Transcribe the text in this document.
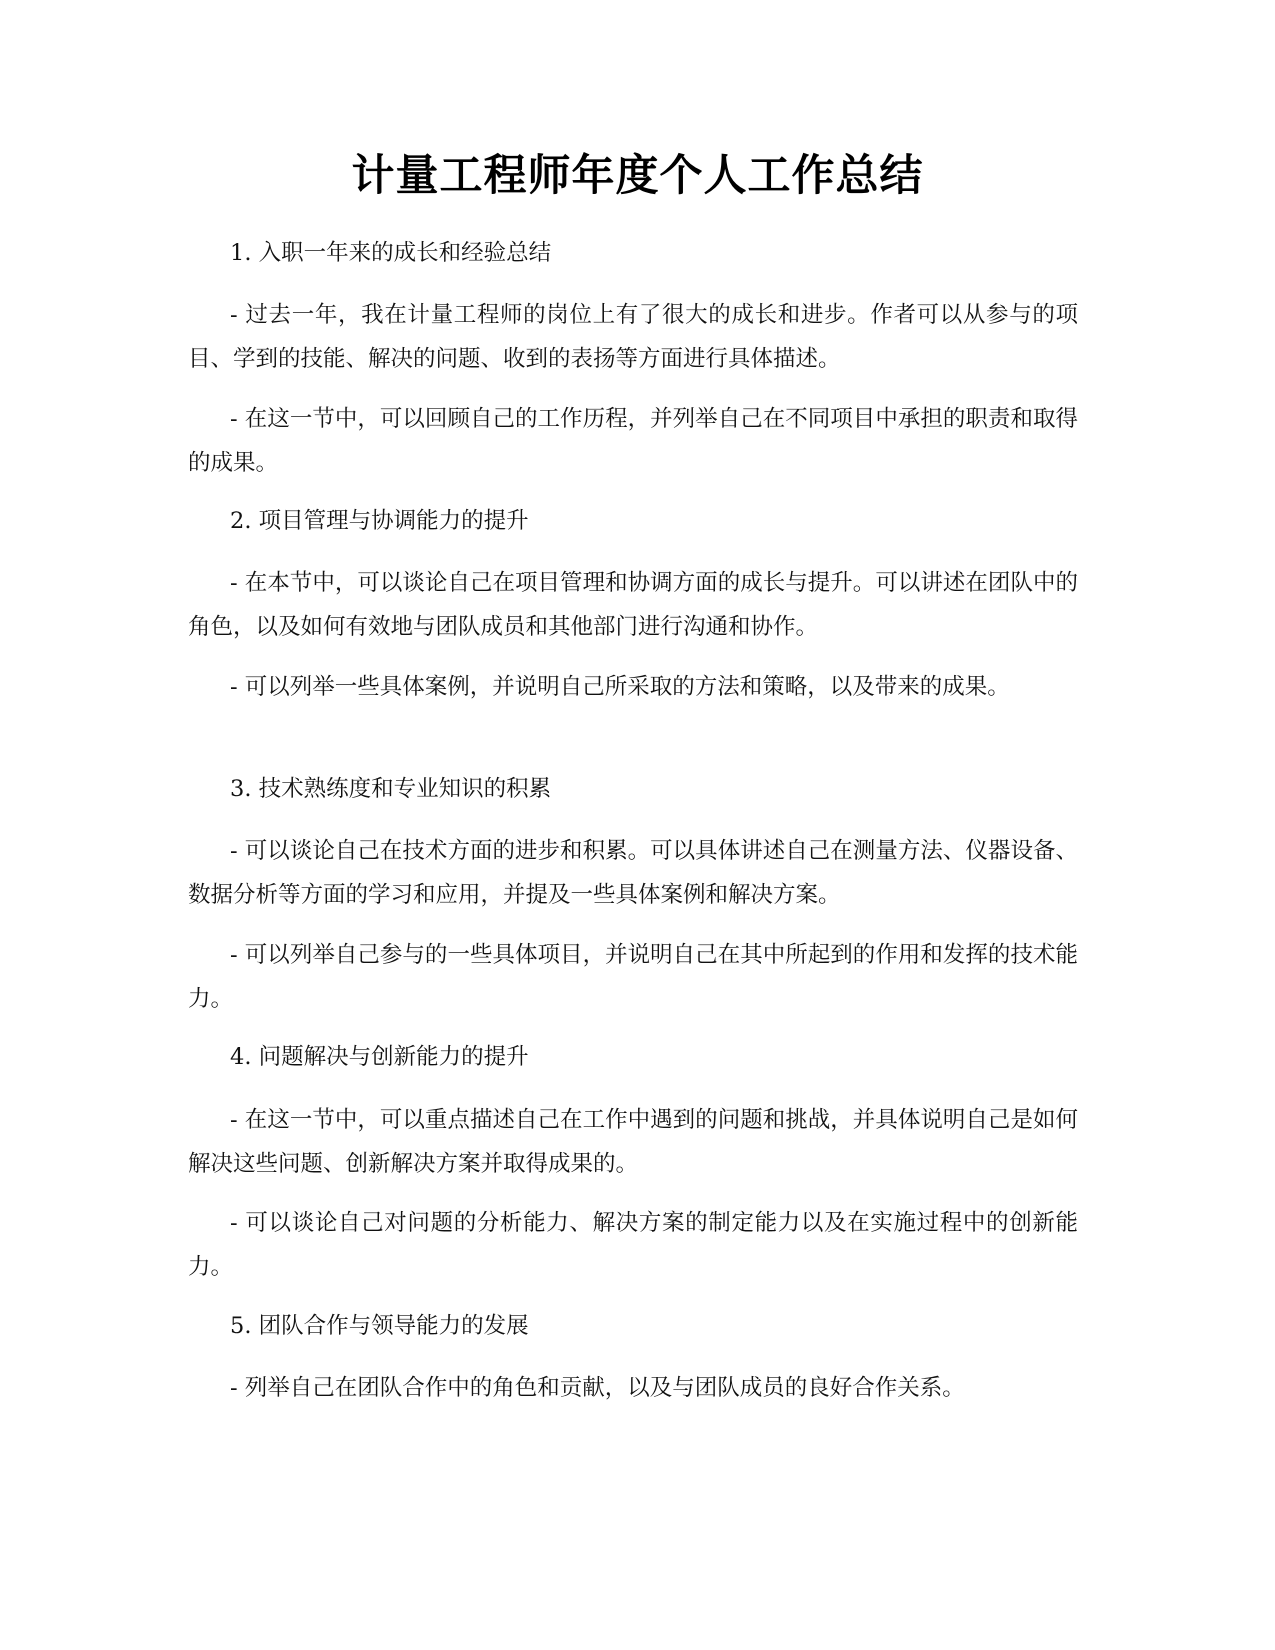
计量工程师年度个人工作总结
1. 入职一年来的成长和经验总结
- 过去一年，我在计量工程师的岗位上有了很大的成长和进步。作者可以从参与的项目、学到的技能、解决的问题、收到的表扬等方面进行具体描述。
- 在这一节中，可以回顾自己的工作历程，并列举自己在不同项目中承担的职责和取得的成果。
2. 项目管理与协调能力的提升
- 在本节中，可以谈论自己在项目管理和协调方面的成长与提升。可以讲述在团队中的角色，以及如何有效地与团队成员和其他部门进行沟通和协作。
- 可以列举一些具体案例，并说明自己所采取的方法和策略，以及带来的成果。
3. 技术熟练度和专业知识的积累
- 可以谈论自己在技术方面的进步和积累。可以具体讲述自己在测量方法、仪器设备、数据分析等方面的学习和应用，并提及一些具体案例和解决方案。
- 可以列举自己参与的一些具体项目，并说明自己在其中所起到的作用和发挥的技术能力。
4. 问题解决与创新能力的提升
- 在这一节中，可以重点描述自己在工作中遇到的问题和挑战，并具体说明自己是如何解决这些问题、创新解决方案并取得成果的。
- 可以谈论自己对问题的分析能力、解决方案的制定能力以及在实施过程中的创新能力。
5. 团队合作与领导能力的发展
- 列举自己在团队合作中的角色和贡献，以及与团队成员的良好合作关系。
